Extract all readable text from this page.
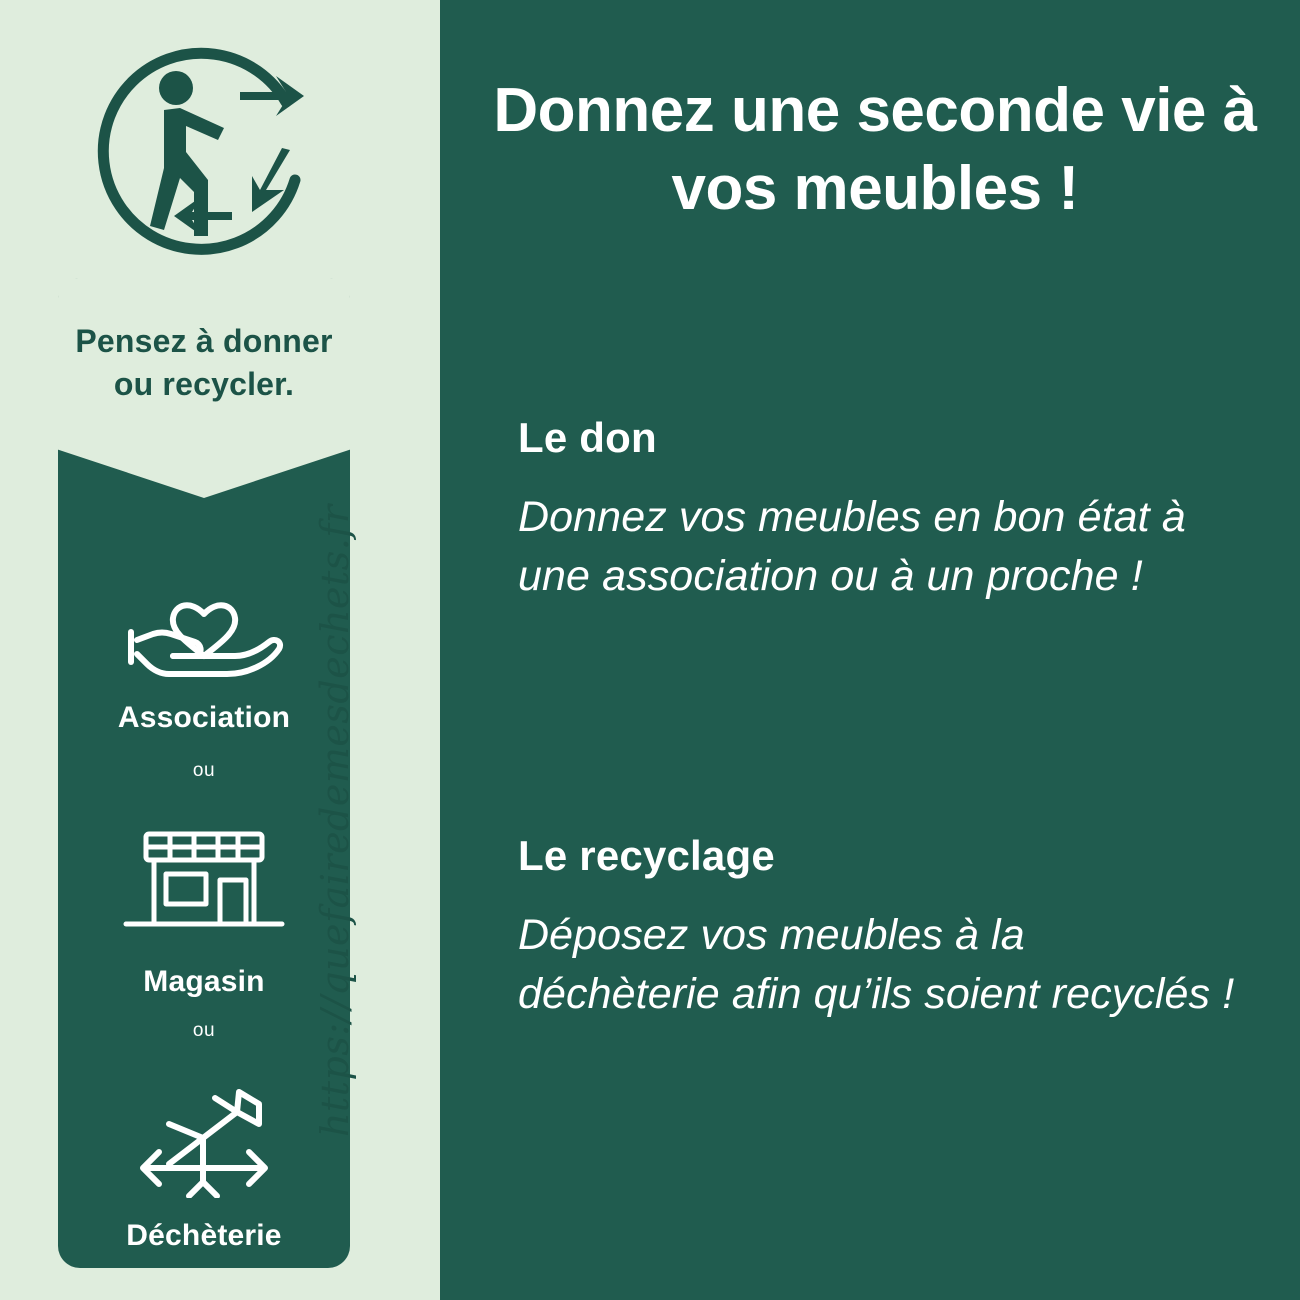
Pensez à donner ou recycler.
Association
ou
Magasin
ou
Déchèterie
https://quefairedemesdechets.fr
Donnez une seconde vie à vos meubles !

Le don

Donnez vos meubles en bon état à une association ou à un proche !

Le recyclage

Déposez vos meubles à la déchèterie afin qu’ils soient recyclés !
